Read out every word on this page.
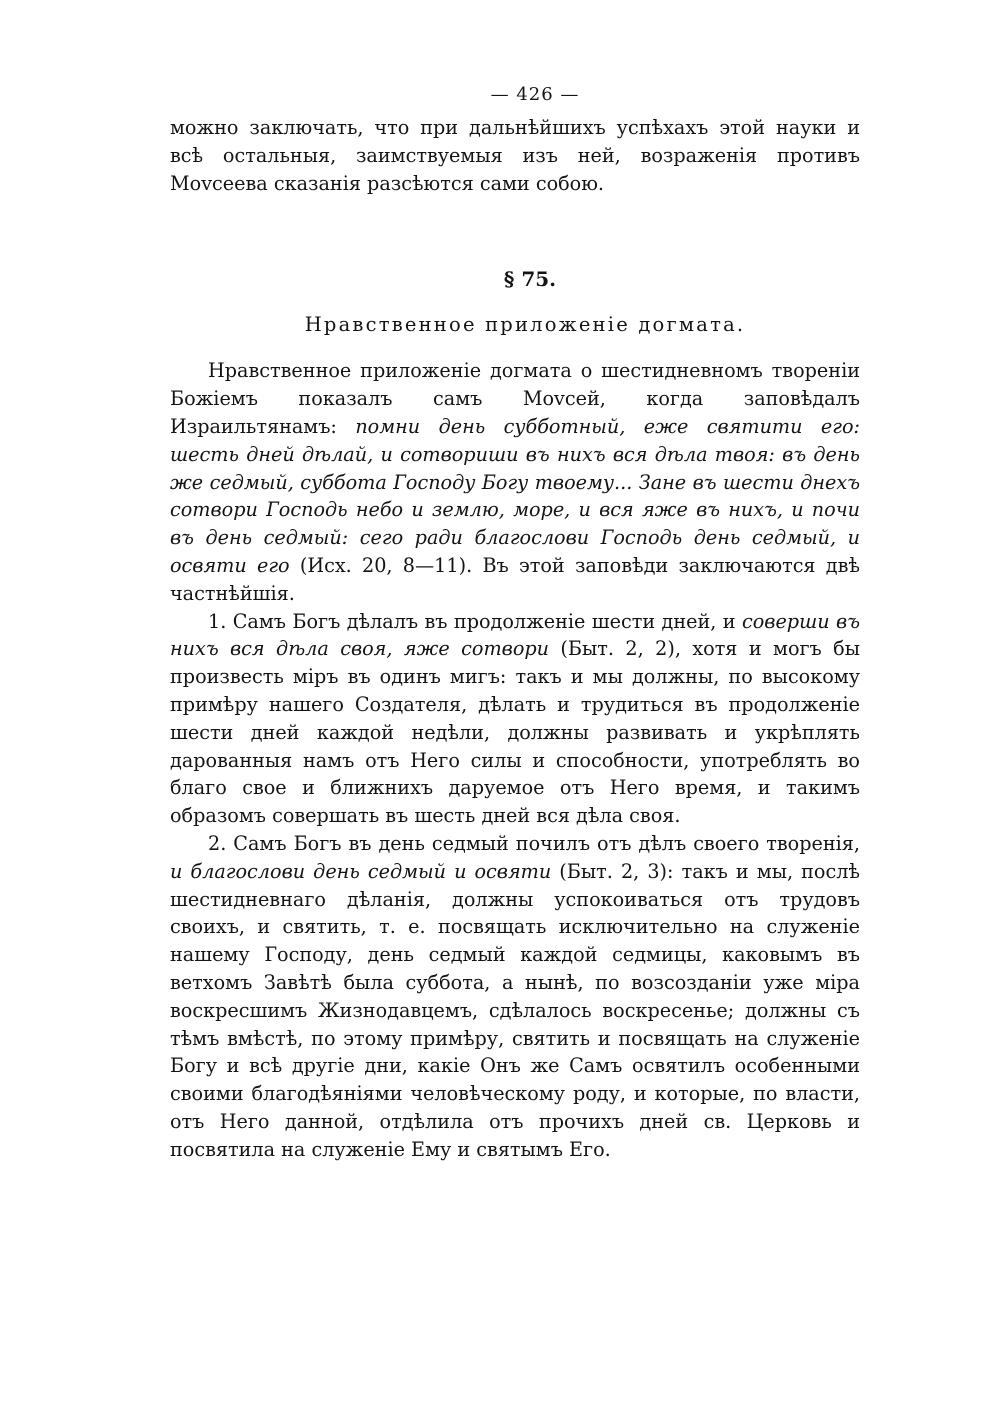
— 426 —

можно заключать, что при дальнѣйшихъ успѣхахъ этой науки и всѣ остальныя, заимствуемыя изъ ней, возраженія противъ Моvсеева сказанія разсѣются сами собою.

§ 75.
Нравственное приложеніе догмата.

Нравственное приложеніе догмата о шестидневномъ твореніи Божіемъ показалъ самъ Моvсей, когда заповѣдалъ Израильтянамъ: помни день субботный, еже святити его: шесть дней дѣлай, и сотвориши въ нихъ вся дѣла твоя: въ день же седмый, суббота Господу Богу твоему... Зане въ шести днехъ сотвори Господь небо и землю, море, и вся яже въ нихъ, и почи въ день седмый: сего ради благослови Господь день седмый, и освяти его (Исх. 20, 8—11). Въ этой заповѣди заключаются двѣ частнѣйшія.

1. Самъ Богъ дѣлалъ въ продолженіе шести дней, и соверши въ нихъ вся дѣла своя, яже сотвори (Быт. 2, 2), хотя и могъ бы произвесть міръ въ одинъ мигъ: такъ и мы должны, по высокому примѣру нашего Создателя, дѣлать и трудиться въ продолженіе шести дней каждой недѣли, должны развивать и укрѣплять дарованныя намъ отъ Него силы и способности, употреблять во благо свое и ближнихъ даруемое отъ Него время, и такимъ образомъ совершать въ шесть дней вся дѣла своя.

2. Самъ Богъ въ день седмый почилъ отъ дѣлъ своего творенія, и благослови день седмый и освяти (Быт. 2, 3): такъ и мы, послѣ шестидневнаго дѣланія, должны успокоиваться отъ трудовъ своихъ, и святить, т. е. посвящать исключительно на служеніе нашему Господу, день седмый каждой седмицы, каковымъ въ ветхомъ Завѣтѣ была суббота, а нынѣ, по возсозданіи уже міра воскресшимъ Жизнодавцемъ, сдѣлалось воскресенье; должны съ тѣмъ вмѣстѣ, по этому примѣру, святить и посвящать на служеніе Богу и всѣ другіе дни, какіе Онъ же Самъ освятилъ особенными своими благодѣяніями человѣческому роду, и которые, по власти, отъ Него данной, отдѣлила отъ прочихъ дней св. Церковь и посвятила на служеніе Ему и святымъ Его.
